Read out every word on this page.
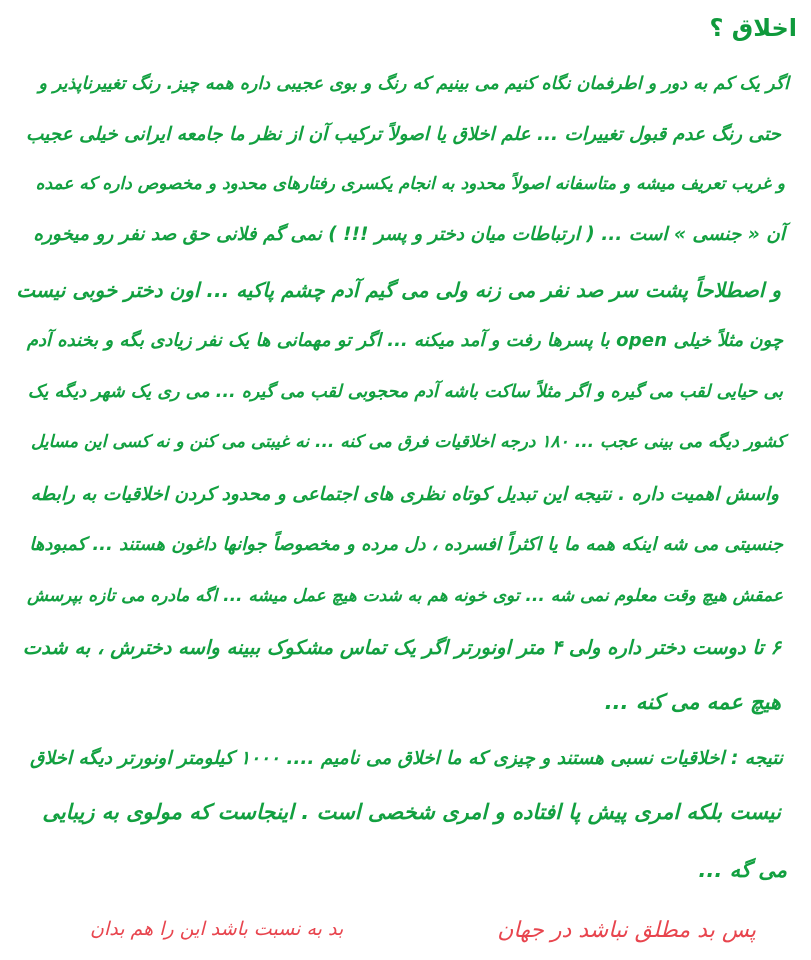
اخلاق ؟
اگر یک کم به دور و اطرفمان نگاه کنیم می بینیم که رنگ و بوی عجیبی داره همه چیز. رنگ تغییرناپذیر و
حتی رنگ عدم قبول تغییرات ... علم اخلاق یا اصولاً ترکیب آن از نظر ما جامعه ایرانی خیلی عجیب
و غریب تعریف میشه و متاسفانه اصولاً محدود به انجام یکسری رفتارهای محدود و مخصوص داره که عمده
آن « جنسی » است ... ( ارتباطات میان دختر و پسر !!! ) نمی گم فلانی حق صد نفر رو میخوره
و اصطلاحاً پشت سر صد نفر می زنه ولی می گیم آدم چشم پاکیه ... اون دختر خوبی نیست
چون مثلاً خیلی open با پسرها رفت و آمد میکنه ... اگر تو مهمانی ها یک نفر زیادی بگه و بخنده آدم
بی حیایی لقب می گیره و اگر مثلاً ساکت باشه آدم محجوبی لقب می گیره ... می ری یک شهر دیگه یک
کشور دیگه می بینی عجب ... ۱۸۰ درجه اخلاقیات فرق می کنه ... نه غیبتی می کنن و نه کسی این مسایل
واسش اهمیت داره . نتیجه این تبدیل کوتاه نظری های اجتماعی و محدود کردن اخلاقیات به رابطه
جنسیتی می شه اینکه همه ما یا اکثراً افسرده ، دل مرده و مخصوصاً جوانها داغون هستند ... کمبودها
عمقش هیچ وقت معلوم نمی شه ... توی خونه هم به شدت هیچ عمل میشه ... اگه مادره می تازه بپرسش
۶ تا دوست دختر داره ولی ۴ متر اونورتر اگر یک تماس مشکوک ببینه واسه دخترش ، به شدت
هیچ عمه می کنه ...
نتیجه : اخلاقیات نسبی هستند و چیزی که ما اخلاق می نامیم .... ۱۰۰۰ کیلومتر اونورتر دیگه اخلاق
نیست بلکه امری پیش پا افتاده و امری شخصی است . اینجاست که مولوی به زیبایی
می گه ...
پس بد مطلق نباشد در جهان
بد به نسبت باشد این را هم بدان
